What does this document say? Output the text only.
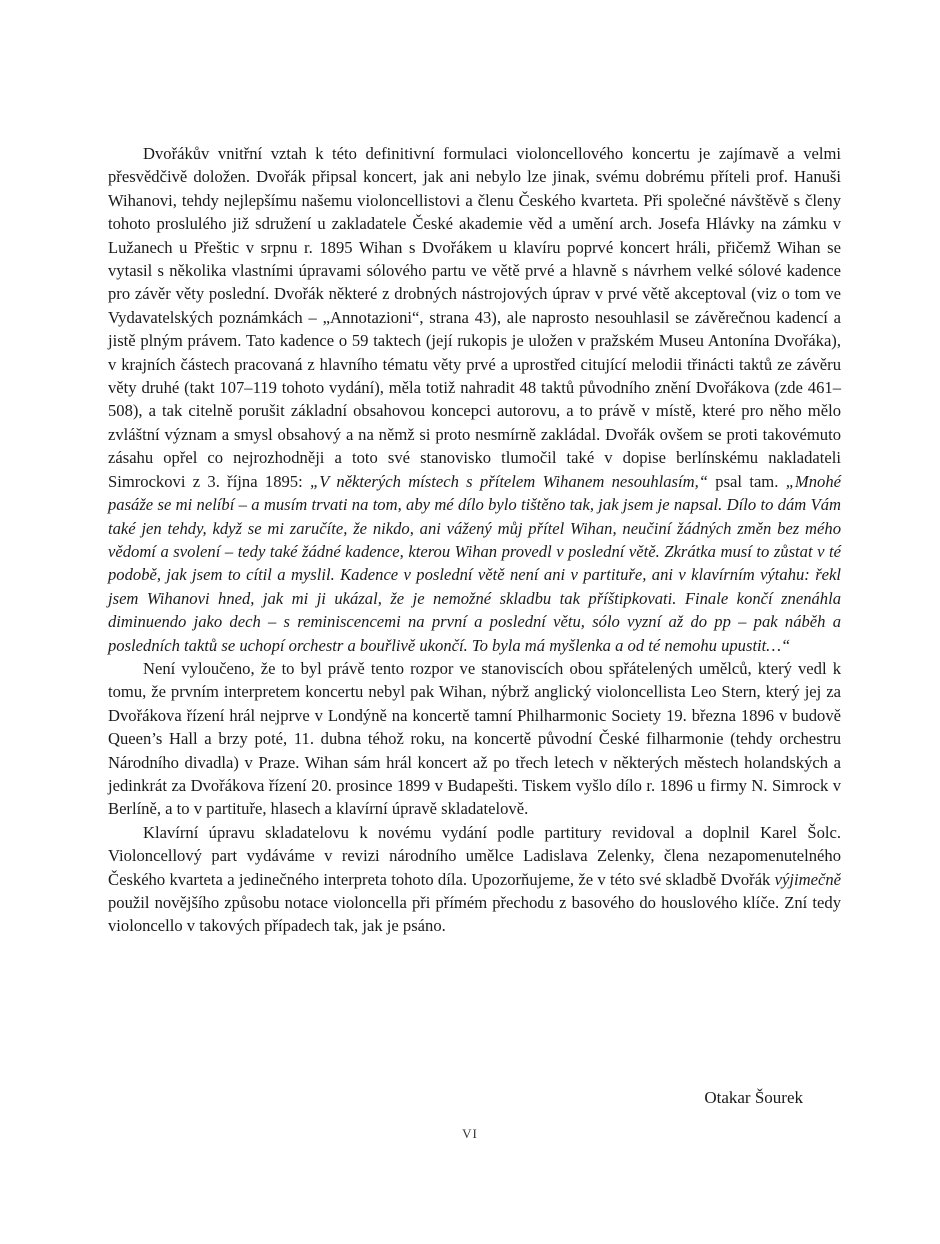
Dvořákův vnitřní vztah k této definitivní formulaci violoncellového koncertu je zajímavě a velmi přesvědčivě doložen. Dvořák připsal koncert, jak ani nebylo lze jinak, svému dobrému příteli prof. Hanuši Wihanovi, tehdy nejlepšímu našemu violoncellistovi a členu Českého kvarteta. Při společné návštěvě s členy tohoto proslulého již sdružení u zakladatele České akademie věd a umění arch. Josefa Hlávky na zámku v Lužanech u Přeštic v srpnu r. 1895 Wihan s Dvořákem u klavíru poprvé koncert hráli, přičemž Wihan se vytasil s několika vlastními úpravami sólového partu ve větě prvé a hlavně s návrhem velké sólové kadence pro závěr věty poslední. Dvořák některé z drobných nástrojových úprav v prvé větě akceptoval (viz o tom ve Vydavatelských poznámkách – „Annotazioni“, strana 43), ale naprosto nesouhlasil se závěrečnou kadencí a jistě plným právem. Tato kadence o 59 taktech (její rukopis je uložen v pražském Museu Antonína Dvořáka), v krajních částech pracovaná z hlavního tématu věty prvé a uprostřed citující melodii třinácti taktů ze závěru věty druhé (takt 107–119 tohoto vydání), měla totiž nahradit 48 taktů původního znění Dvořákova (zde 461–508), a tak citelně porušit základní obsahovou koncepci autorovu, a to právě v místě, které pro něho mělo zvláštní význam a smysl obsahový a na němž si proto nesmírně zakládal. Dvořák ovšem se proti takovémuto zásahu opřel co nejrozhodněji a toto své stanovisko tlumočil také v dopise berlínskému nakladateli Simrockovi z 3. října 1895: „V některých místech s přítelem Wihanem nesouhlasím,“ psal tam. „Mnohé pasáže se mi nelíbí – a musím trvati na tom, aby mé dílo bylo tištěno tak, jak jsem je napsal. Dílo to dám Vám také jen tehdy, když se mi zaručíte, že nikdo, ani vážený můj přítel Wihan, neučiní žádných změn bez mého vědomí a svolení – tedy také žádné kadence, kterou Wihan provedl v poslední větě. Zkrátka musí to zůstat v té podobě, jak jsem to cítil a myslil. Kadence v poslední větě není ani v partituře, ani v klavírním výtahu: řekl jsem Wihanovi hned, jak mi ji ukázal, že je nemožné skladbu tak příštipkovati. Finale končí znenáhla diminuendo jako dech – s reminiscencemi na první a poslední větu, sólo vyzní až do pp – pak náběh a posledních taktů se uchopí orchestr a bouřlivě ukončí. To byla má myšlenka a od té nemohu upustit…“

Není vyloučeno, že to byl právě tento rozpor ve stanoviscích obou spřátelených umělců, který vedl k tomu, že prvním interpretem koncertu nebyl pak Wihan, nýbrž anglický violoncellista Leo Stern, který jej za Dvořákova řízení hrál nejprve v Londýně na koncertě tamní Philharmonic Society 19. března 1896 v budově Queen’s Hall a brzy poté, 11. dubna téhož roku, na koncertě původní České filharmonie (tehdy orchestru Národního divadla) v Praze. Wihan sám hrál koncert až po třech letech v některých městech holandských a jedinkrát za Dvořákova řízení 20. prosince 1899 v Budapešti. Tiskem vyšlo dílo r. 1896 u firmy N. Simrock v Berlíně, a to v partituře, hlasech a klavírní úpravě skladatelově.

Klavírní úpravu skladatelovu k novému vydání podle partitury revidoval a doplnil Karel Šolc. Violoncellový part vydáváme v revizi národního umělce Ladislava Zelenky, člena nezapomenutelného Českého kvarteta a jedinečného interpreta tohoto díla. Upozorňujeme, že v této své skladbě Dvořák výjimečně použil novějšího způsobu notace violoncella při přímém přechodu z basového do houslového klíče. Zní tedy violoncello v takových případech tak, jak je psáno.

Otakar Šourek
VI
